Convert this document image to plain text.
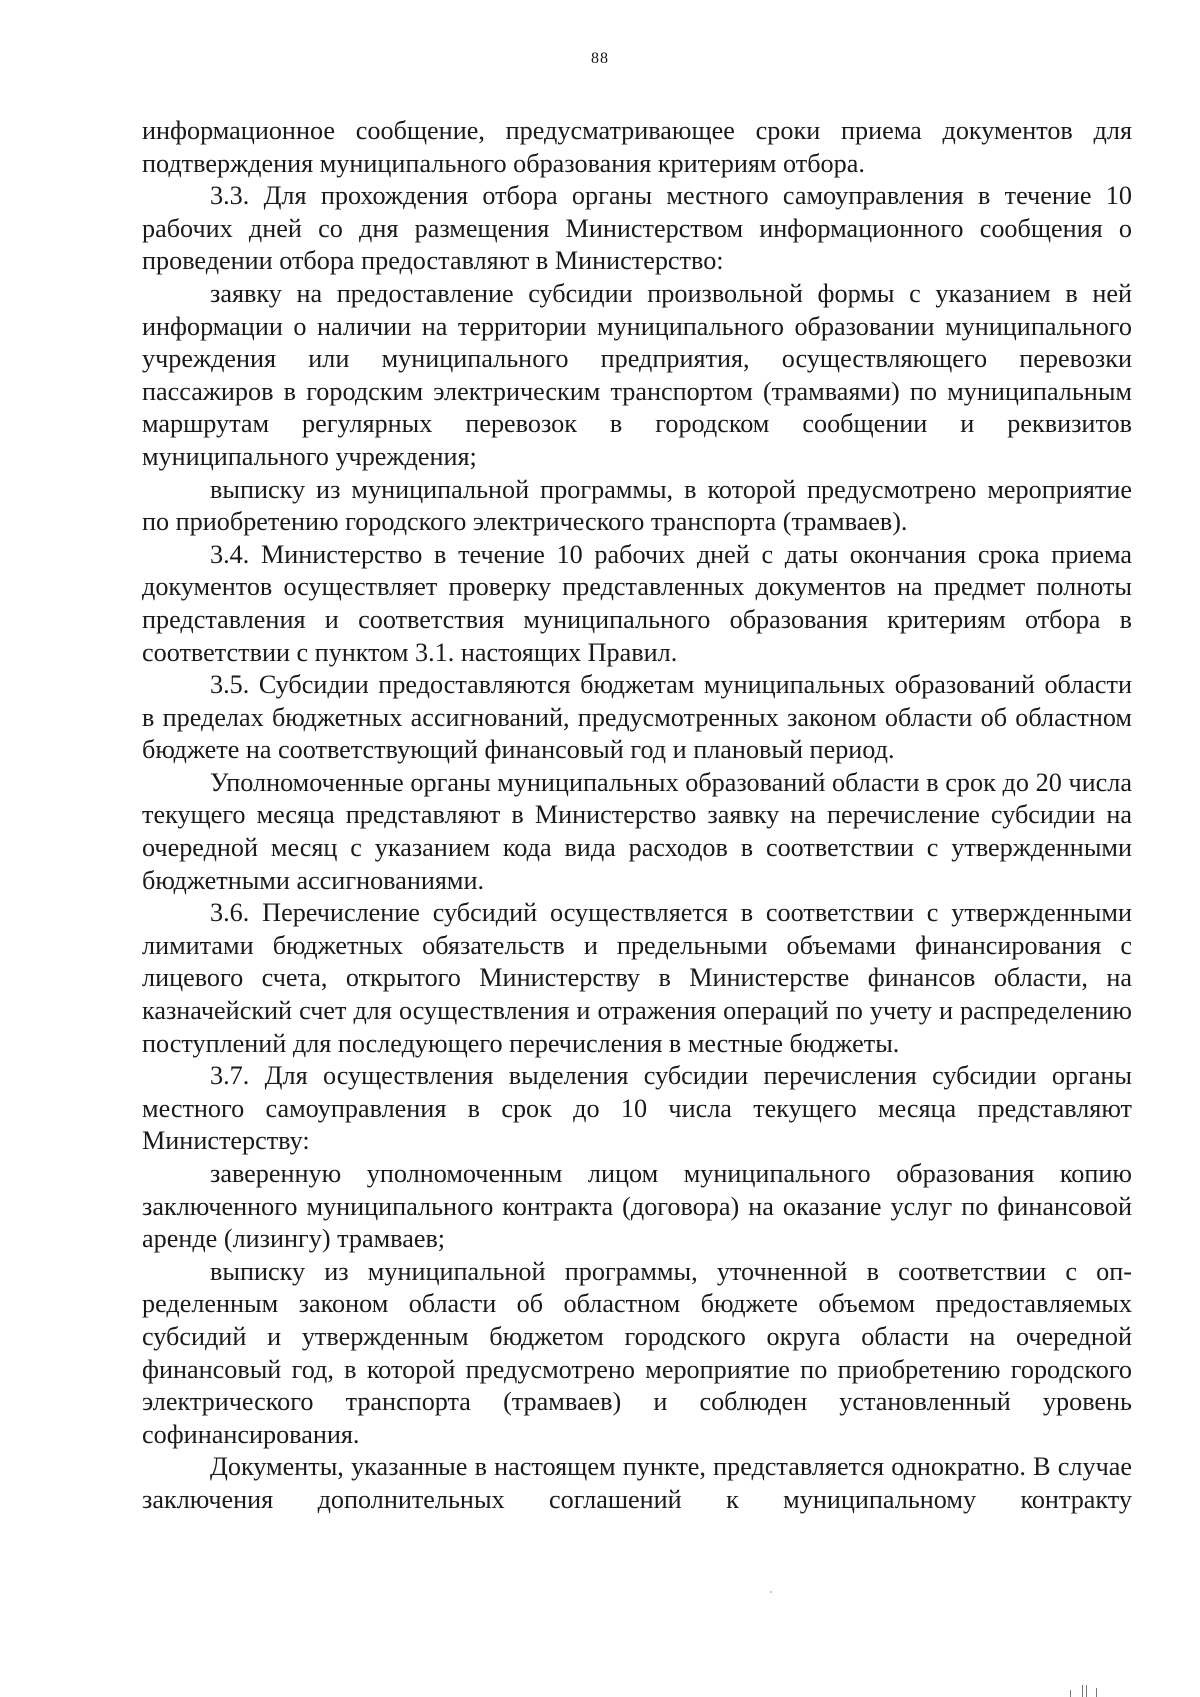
88

информационное сообщение, предусматривающее сроки приема документов для подтверждения муниципального образования критериям отбора.

3.3. Для прохождения отбора органы местного самоуправления в течение 10 рабочих дней со дня размещения Министерством информационного сообщения о проведении отбора предоставляют в Министерство:

заявку на предоставление субсидии произвольной формы с указанием в ней информации о наличии на территории муниципального образовании муниципального учреждения или муниципального предприятия, осуществляющего перевозки пассажиров в городским электрическим транспортом (трамваями) по муниципальным маршрутам регулярных перевозок в городском сообщении и реквизитов муниципального учреждения;

выписку из муниципальной программы, в которой предусмотрено мероприятие по приобретению городского электрического транспорта (трамваев).

3.4. Министерство в течение 10 рабочих дней с даты окончания срока приема документов осуществляет проверку представленных документов на предмет полноты представления и соответствия муниципального образования критериям отбора в соответствии с пунктом 3.1. настоящих Правил.

3.5. Субсидии предоставляются бюджетам муниципальных образований области в пределах бюджетных ассигнований, предусмотренных законом области об областном бюджете на соответствующий финансовый год и плановый период.

Уполномоченные органы муниципальных образований области в срок до 20 числа текущего месяца представляют в Министерство заявку на перечисление субсидии на очередной месяц с указанием кода вида расходов в соответствии с утвержденными бюджетными ассигнованиями.

3.6. Перечисление субсидий осуществляется в соответствии с утвержденными лимитами бюджетных обязательств и предельными объемами финансирования с лицевого счета, открытого Министерству в Министерстве финансов области, на казначейский счет для осуществления и отражения операций по учету и распределению поступлений для последующего перечисления в местные бюджеты.

3.7. Для осуществления выделения субсидии перечисления субсидии органы местного самоуправления в срок до 10 числа текущего месяца представляют Министерству:

заверенную уполномоченным лицом муниципального образования копию заключенного муниципального контракта (договора) на оказание услуг по финансовой аренде (лизингу) трамваев;

выписку из муниципальной программы, уточненной в соответствии с определенным законом области об областном бюджете объемом предоставляемых субсидий и утвержденным бюджетом городского округа области на очередной финансовый год, в которой предусмотрено мероприятие по приобретению городского электрического транспорта (трамваев) и соблюден установленный уровень софинансирования.

Документы, указанные в настоящем пункте, представляется однократно. В случае заключения дополнительных соглашений к муниципальному контракту
